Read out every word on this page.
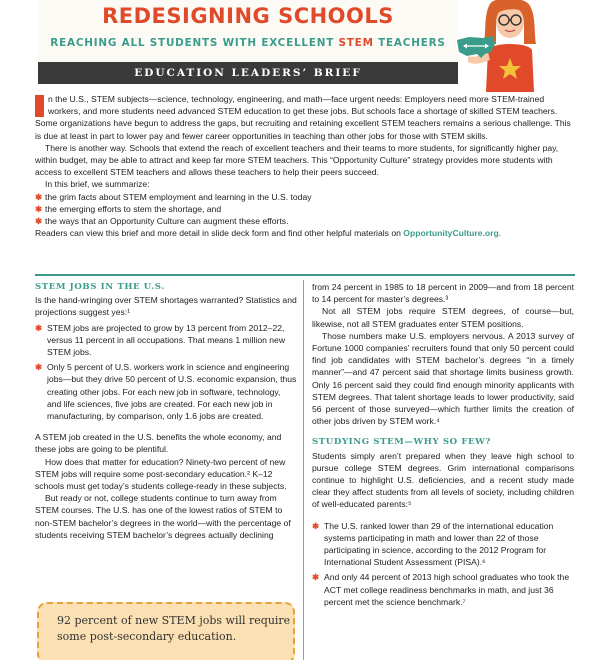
REDESIGNING SCHOOLS
REACHING ALL STUDENTS WITH EXCELLENT STEM TEACHERS
EDUCATION LEADERS’ BRIEF

n the U.S., STEM subjects—science, technology, engineering, and math—face urgent needs: Employers need more STEM-trained workers, and more students need advanced STEM education to get these jobs. But schools face a shortage of skilled STEM teachers. Some organizations have begun to address the gaps, but recruiting and retaining excellent STEM teachers remains a serious challenge. This is due at least in part to lower pay and fewer career opportunities in teaching than other jobs for those with STEM skills.

There is another way. Schools that extend the reach of excellent teachers and their teams to more students, for significantly higher pay, within budget, may be able to attract and keep far more STEM teachers. This “Opportunity Culture” strategy provides more students with access to excellent STEM teachers and allows these teachers to help their peers succeed.

In this brief, we summarize:

✱ the grim facts about STEM employment and learning in the U.S. today
✱ the emerging efforts to stem the shortage, and
✱ the ways that an Opportunity Culture can augment these efforts.

Readers can view this brief and more detail in slide deck form and find other helpful materials on OpportunityCulture.org.

STEM JOBS IN THE U.S.

Is the hand-wringing over STEM shortages warranted? Statistics and projections suggest yes:¹

✱ STEM jobs are projected to grow by 13 percent from 2012–22, versus 11 percent in all occupations. That means 1 million new STEM jobs.
✱ Only 5 percent of U.S. workers work in science and engineering jobs—but they drive 50 percent of U.S. economic expansion, thus creating other jobs. For each new job in software, technology, and life sciences, five jobs are created. For each new job in manufacturing, by comparison, only 1.6 jobs are created.

A STEM job created in the U.S. benefits the whole economy, and these jobs are going to be plentiful.

How does that matter for education? Ninety-two percent of new STEM jobs will require some post-secondary education.² K–12 schools must get today’s students college-ready in these subjects.

But ready or not, college students continue to turn away from STEM courses. The U.S. has one of the lowest ratios of STEM to non-STEM bachelor’s degrees in the world—with the percentage of students receiving STEM bachelor’s degrees actually declining

92 percent of new STEM jobs will require some post-secondary education.

from 24 percent in 1985 to 18 percent in 2009—and from 18 percent to 14 percent for master’s degrees.³

Not all STEM jobs require STEM degrees, of course—but, likewise, not all STEM graduates enter STEM positions.

Those numbers make U.S. employers nervous. A 2013 survey of Fortune 1000 companies’ recruiters found that only 50 percent could find job candidates with STEM bachelor’s degrees “in a timely manner”—and 47 percent said that shortage limits business growth. Only 16 percent said they could find enough minority applicants with STEM degrees. That talent shortage leads to lower productivity, said 56 percent of those surveyed—which further limits the creation of other jobs driven by STEM work.⁴

STUDYING STEM—WHY SO FEW?

Students simply aren’t prepared when they leave high school to pursue college STEM degrees. Grim international comparisons continue to highlight U.S. deficiencies, and a recent study made clear they affect students from all levels of society, including children of well-educated parents:⁵

✱ The U.S. ranked lower than 29 of the international education systems participating in math and lower than 22 of those participating in science, according to the 2012 Program for International Student Assessment (PISA).⁶
✱ And only 44 percent of 2013 high school graduates who took the ACT met college readiness benchmarks in math, and just 36 percent met the science benchmark.⁷
